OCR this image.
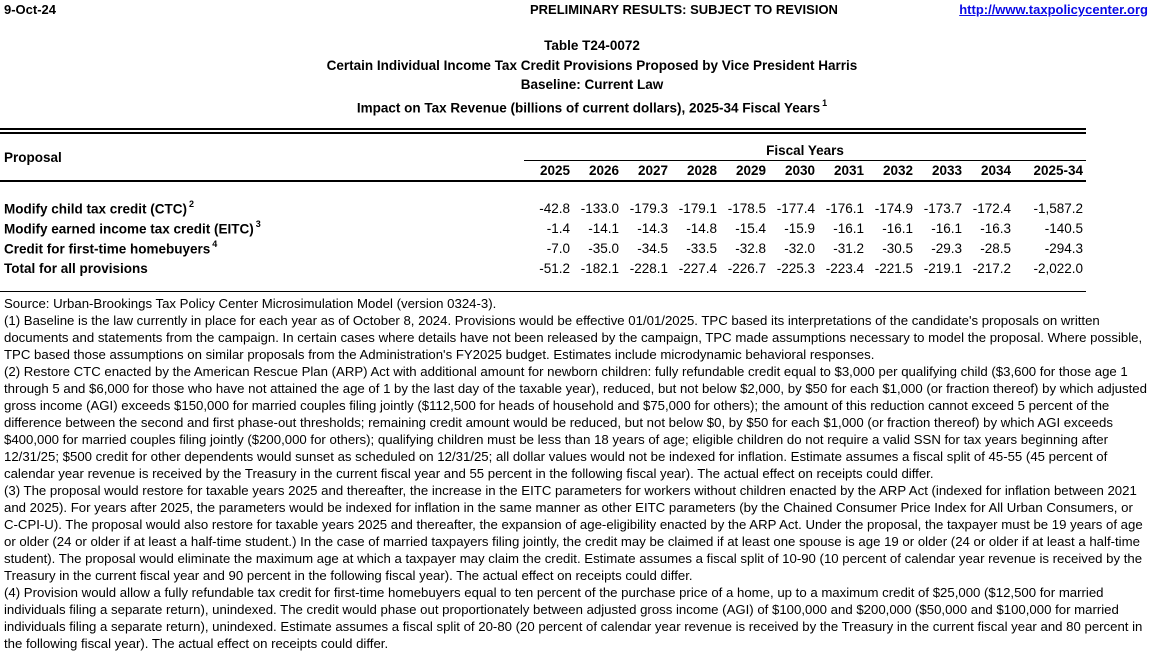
9-Oct-24	PRELIMINARY RESULTS: SUBJECT TO REVISION	http://www.taxpolicycenter.org
Table T24-0072
Certain Individual Income Tax Credit Provisions Proposed by Vice President Harris
Baseline: Current Law
Impact on Tax Revenue (billions of current dollars), 2025-34 Fiscal Years $^1$
Proposal	Fiscal Years
2025	2026	2027	2028	2029	2030	2031	2032	2033	2034	2025-34
Modify child tax credit (CTC) $^2$	-42.8 -133.0 -179.3 -179.1 -178.5 -177.4 -176.1 -174.9 -173.7 -172.4	-1,587.2
Modify earned income tax credit (EITC) $^3$	-1.4	-14.1	-14.3	-14.8	-15.4	-15.9	-16.1	-16.1	-16.1	-16.3	-140.5
Credit for first-time homebuyers $^4$	-7.0	-35.0	-34.5	-33.5	-32.8	-32.0	-31.2	-30.5	-29.3	-28.5	-294.3
Total for all provisions	-51.2 -182.1 -228.1 -227.4 -226.7 -225.3 -223.4 -221.5 -219.1 -217.2	-2,022.0

Source: Urban-Brookings Tax Policy Center Microsimulation Model (version 0324-3).

(1) Baseline is the law currently in place for each year as of October 8, 2024. Provisions would be effective 01/01/2025. TPC based its interpretations of the candidate's proposals on written documents and statements from the campaign. In certain cases where details have not been released by the campaign, TPC made assumptions necessary to model the proposal. Where possible, TPC based those assumptions on similar proposals from the Administration's FY2025 budget. Estimates include microdynamic behavioral responses.

(2) Restore CTC enacted by the American Rescue Plan (ARP) Act with additional amount for newborn children: fully refundable credit equal to $3,000 per qualifying child ($3,600 for those age 1 through 5 and $6,000 for those who have not attained the age of 1 by the last day of the taxable year), reduced, but not below $2,000, by $50 for each $1,000 (or fraction thereof) by which adjusted gross income (AGI) exceeds $150,000 for married couples filing jointly ($112,500 for heads of household and $75,000 for others); the amount of this reduction cannot exceed 5 percent of the difference between the second and first phase-out thresholds; remaining credit amount would be reduced, but not below $0, by $50 for each $1,000 (or fraction thereof) by which AGI exceeds $400,000 for married couples filing jointly ($200,000 for others); qualifying children must be less than 18 years of age; eligible children do not require a valid SSN for tax years beginning after 12/31/25; $500 credit for other dependents would sunset as scheduled on 12/31/25; all dollar values would not be indexed for inflation. Estimate assumes a fiscal split of 45-55 (45 percent of calendar year revenue is received by the Treasury in the current fiscal year and 55 percent in the following fiscal year). The actual effect on receipts could differ.

(3) The proposal would restore for taxable years 2025 and thereafter, the increase in the EITC parameters for workers without children enacted by the ARP Act (indexed for inflation between 2021 and 2025). For years after 2025, the parameters would be indexed for inflation in the same manner as other EITC parameters (by the Chained Consumer Price Index for All Urban Consumers, or C-CPI-U). The proposal would also restore for taxable years 2025 and thereafter, the expansion of age-eligibility enacted by the ARP Act. Under the proposal, the taxpayer must be 19 years of age or older (24 or older if at least a half-time student.) In the case of married taxpayers filing jointly, the credit may be claimed if at least one spouse is age 19 or older (24 or older if at least a half-time student). The proposal would eliminate the maximum age at which a taxpayer may claim the credit. Estimate assumes a fiscal split of 10-90 (10 percent of calendar year revenue is received by the Treasury in the current fiscal year and 90 percent in the following fiscal year). The actual effect on receipts could differ.

(4) Provision would allow a fully refundable tax credit for first-time homebuyers equal to ten percent of the purchase price of a home, up to a maximum credit of $25,000 ($12,500 for married individuals filing a separate return), unindexed. The credit would phase out proportionately between adjusted gross income (AGI) of $100,000 and $200,000 ($50,000 and $100,000 for married individuals filing a separate return), unindexed. Estimate assumes a fiscal split of 20-80 (20 percent of calendar year revenue is received by the Treasury in the current fiscal year and 80 percent in the following fiscal year). The actual effect on receipts could differ.
